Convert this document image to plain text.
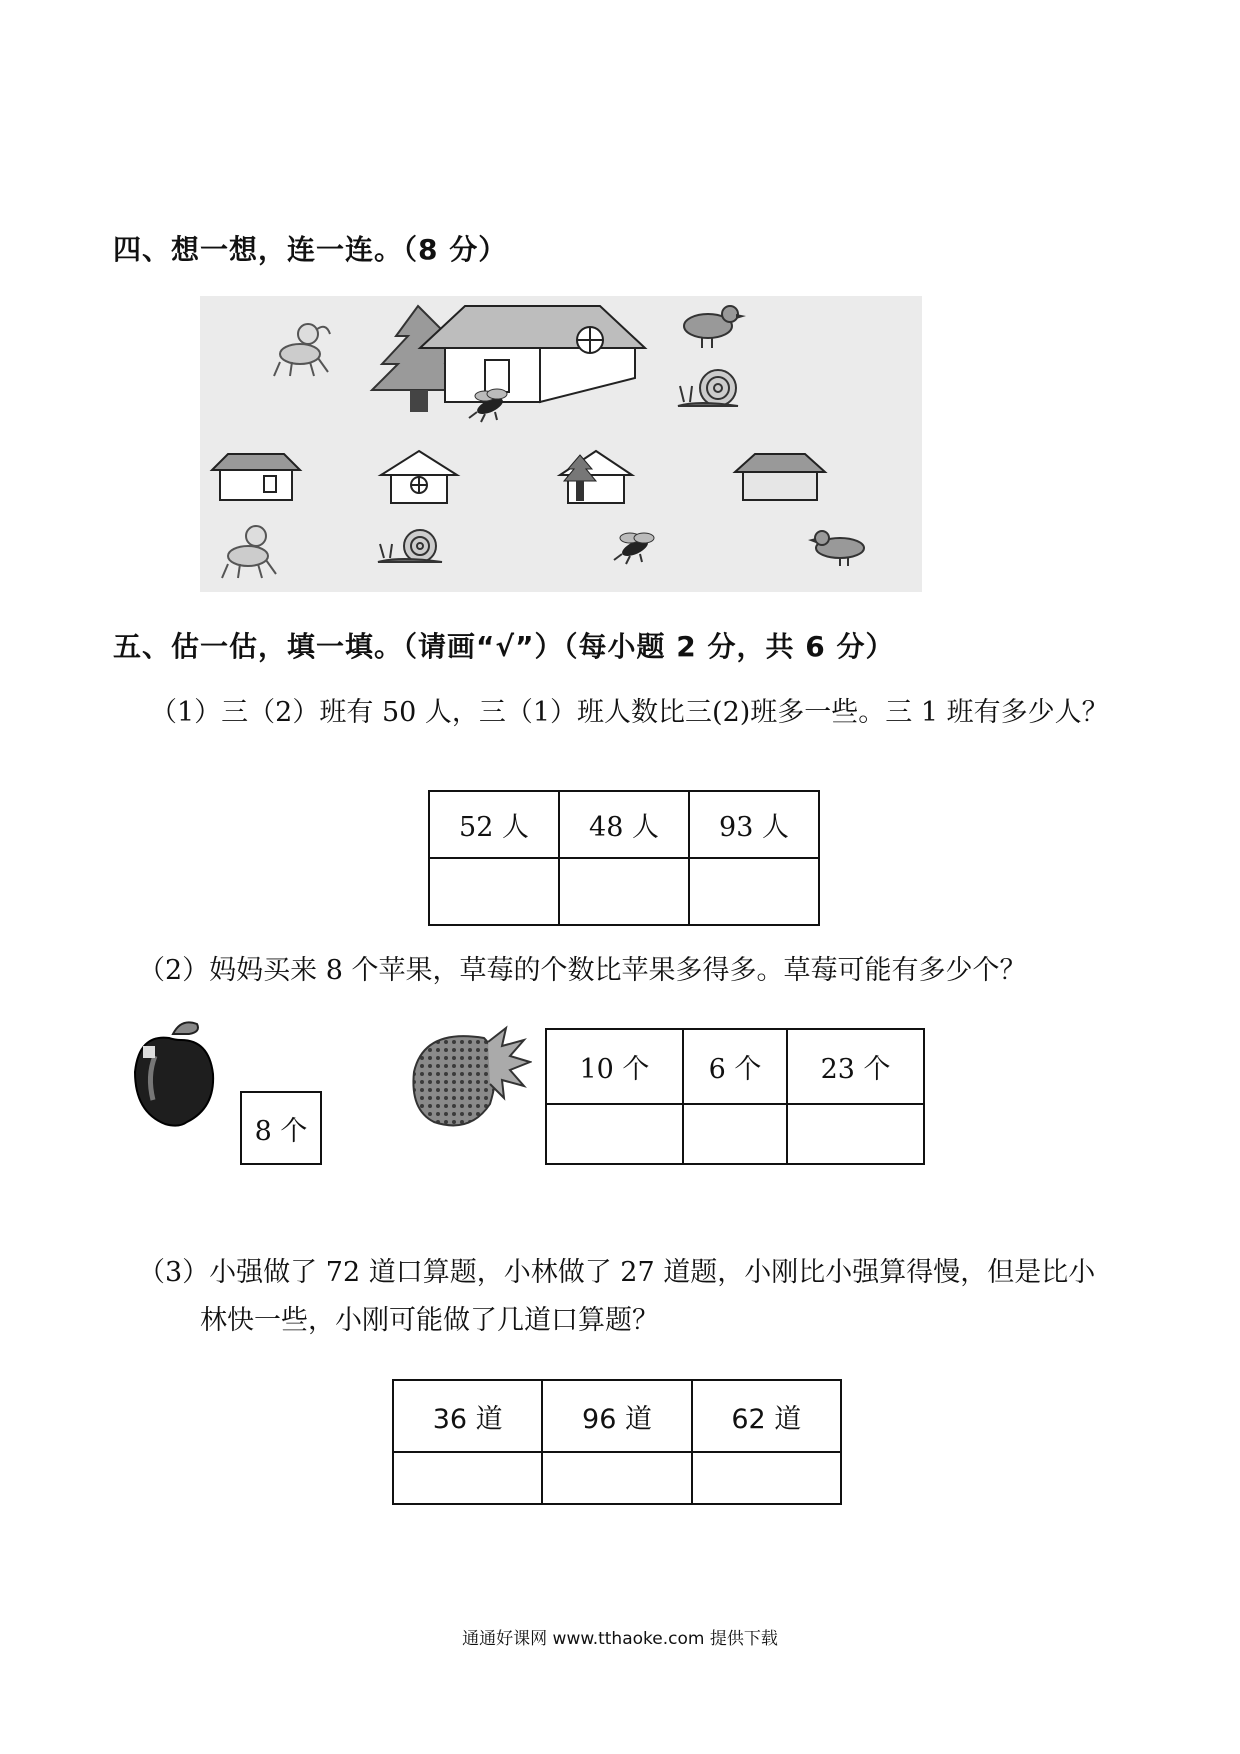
四、想一想，连一连。（8 分）
五、估一估，填一填。（请画“√”）（每小题 2 分，共 6 分）
（1）三（2）班有 50 人，三（1）班人数比三(2)班多一些。三 1 班有多少人？
52 人	48 人	93 人

（2）妈妈买来 8 个苹果，草莓的个数比苹果多得多。草莓可能有多少个？
8 个
10 个	6 个	23 个

（3）小强做了 72 道口算题，小林做了 27 道题，小刚比小强算得慢，但是比小
林快一些，小刚可能做了几道口算题？
36 道	96 道	62 道

通通好课网 www.tthaoke.com 提供下载
